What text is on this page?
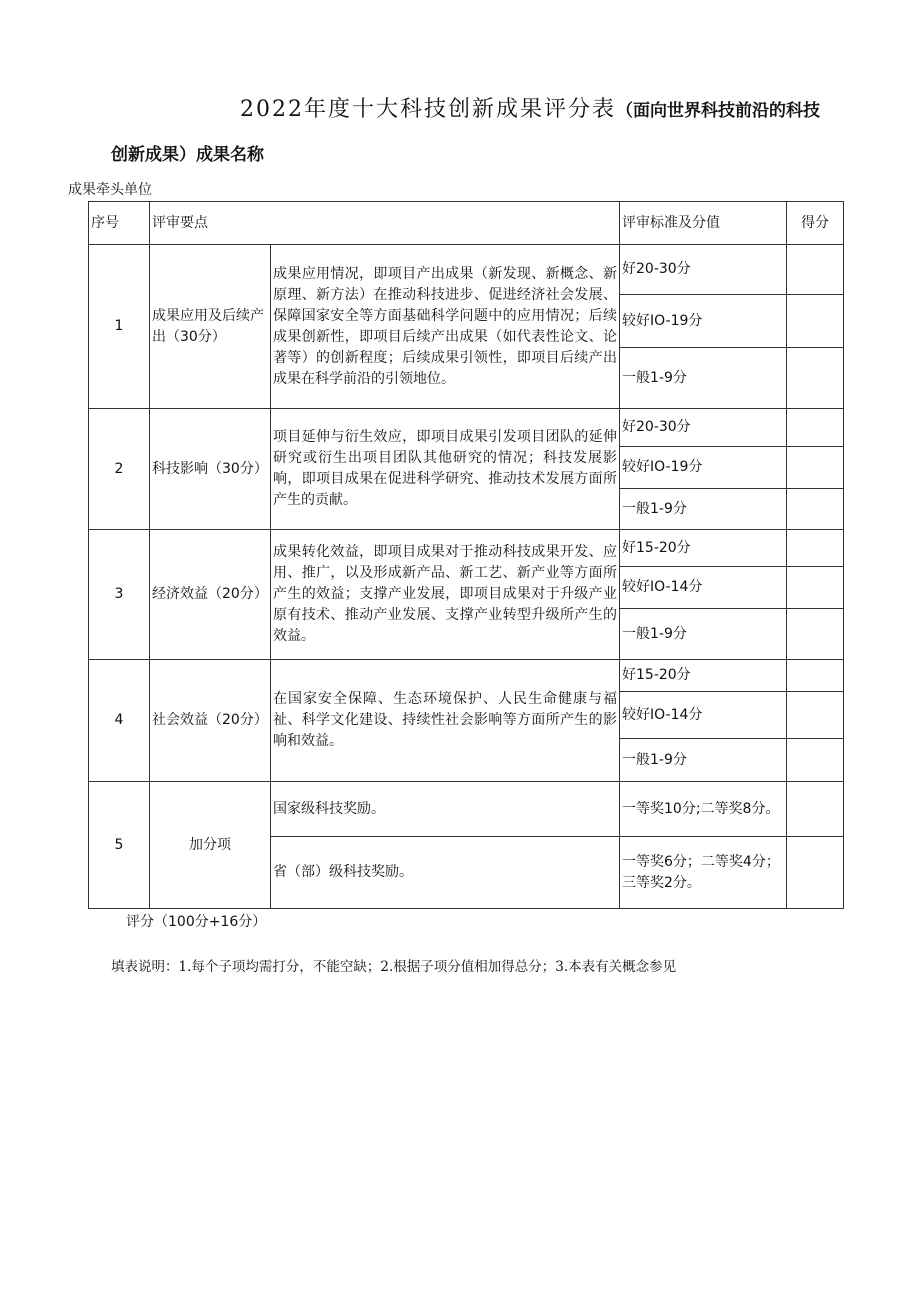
2022年度十大科技创新成果评分表（面向世界科技前沿的科技
创新成果）成果名称
成果牵头单位
序号	评审要点		评审标准及分值	得分
1	成果应用及后续产出（30分）	成果应用情况，即项目产出成果（新发现、新概念、新原理、新方法）在推动科技进步、促进经济社会发展、保障国家安全等方面基础科学问题中的应用情况；后续成果创新性，即项目后续产出成果（如代表性论文、论著等）的创新程度；后续成果引领性，即项目后续产出成果在科学前沿的引领地位。	好20-30分	
			较好IO-19分	
			一般1-9分	
2	科技影响（30分）	项目延伸与衍生效应，即项目成果引发项目团队的延伸研究或衍生出项目团队其他研究的情况；科技发展影响，即项目成果在促进科学研究、推动技术发展方面所产生的贡献。	好20-30分	
			较好IO-19分	
			一般1-9分	
3	经济效益（20分）	成果转化效益，即项目成果对于推动科技成果开发、应用、推广，以及形成新产品、新工艺、新产业等方面所产生的效益；支撑产业发展，即项目成果对于升级产业原有技术、推动产业发展、支撑产业转型升级所产生的效益。	好15-20分	
			较好IO-14分	
			一般1-9分	
4	社会效益（20分）	在国家安全保障、生态环境保护、人民生命健康与福祉、科学文化建设、持续性社会影响等方面所产生的影响和效益。	好15-20分	
			较好IO-14分	
			一般1-9分	
5	加分项	国家级科技奖励。	一等奖10分;二等奖8分。	
		省（部）级科技奖励。	一等奖6分；二等奖4分；三等奖2分。	
评分（100分+16分）
填表说明：1.每个子项均需打分，不能空缺；2.根据子项分值相加得总分；3.本表有关概念参见
